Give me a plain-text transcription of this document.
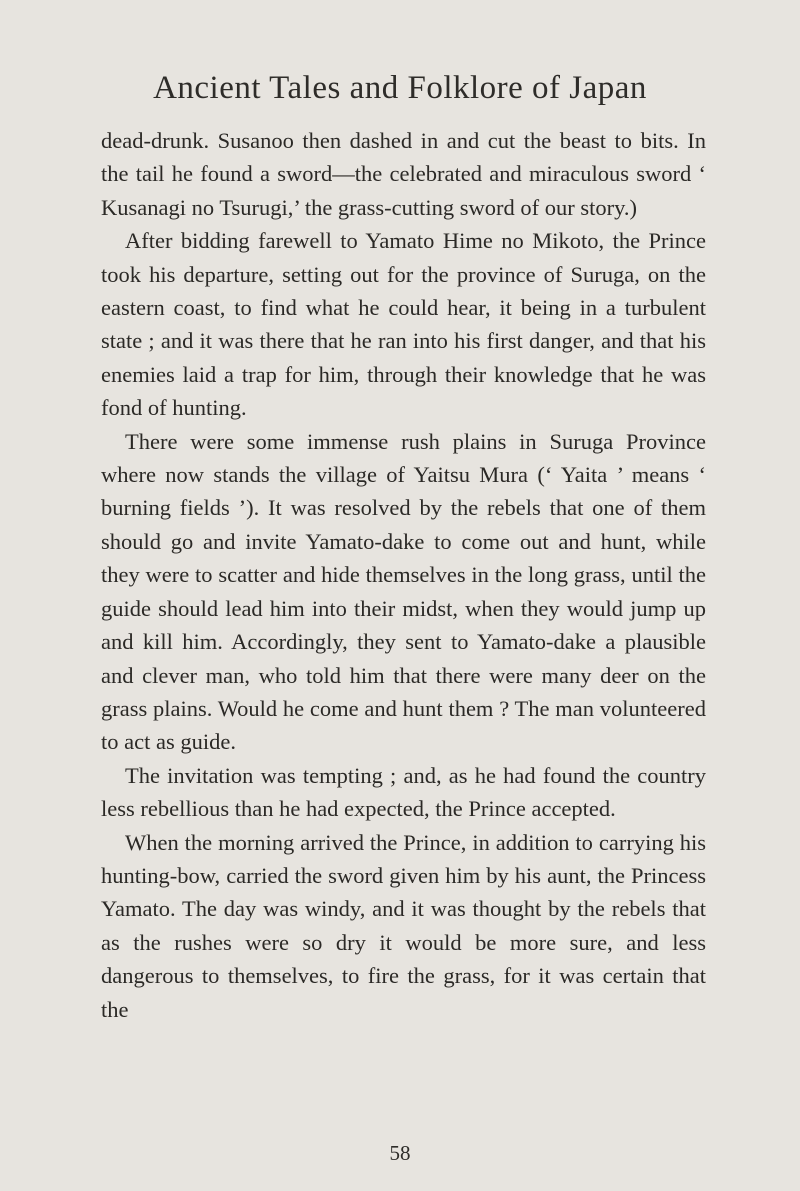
Ancient Tales and Folklore of Japan

dead-drunk. Susanoo then dashed in and cut the beast to bits. In the tail he found a sword—the celebrated and miraculous sword ‘ Kusanagi no Tsurugi,’ the grass-cutting sword of our story.)

After bidding farewell to Yamato Hime no Mikoto, the Prince took his departure, setting out for the province of Suruga, on the eastern coast, to find what he could hear, it being in a turbulent state ; and it was there that he ran into his first danger, and that his enemies laid a trap for him, through their knowledge that he was fond of hunting.

There were some immense rush plains in Suruga Province where now stands the village of Yaitsu Mura (‘ Yaita ’ means ‘ burning fields ’). It was resolved by the rebels that one of them should go and invite Yamato-dake to come out and hunt, while they were to scatter and hide themselves in the long grass, until the guide should lead him into their midst, when they would jump up and kill him. Accordingly, they sent to Yamato-dake a plausible and clever man, who told him that there were many deer on the grass plains. Would he come and hunt them ? The man volunteered to act as guide.

The invitation was tempting ; and, as he had found the country less rebellious than he had expected, the Prince accepted.

When the morning arrived the Prince, in addition to carrying his hunting-bow, carried the sword given him by his aunt, the Princess Yamato. The day was windy, and it was thought by the rebels that as the rushes were so dry it would be more sure, and less dangerous to themselves, to fire the grass, for it was certain that the

58
